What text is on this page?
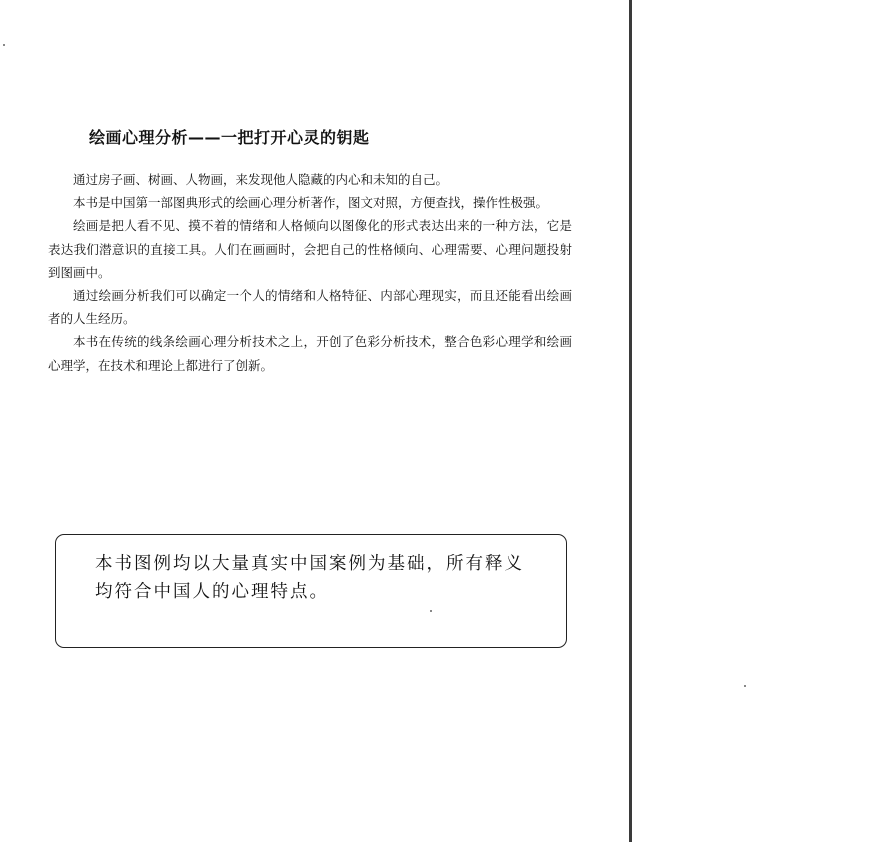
绘画心理分析——一把打开心灵的钥匙

通过房子画、树画、人物画，来发现他人隐藏的内心和未知的自己。

本书是中国第一部图典形式的绘画心理分析著作，图文对照，方便查找，操作性极强。

绘画是把人看不见、摸不着的情绪和人格倾向以图像化的形式表达出来的一种方法，它是表达我们潜意识的直接工具。人们在画画时，会把自己的性格倾向、心理需要、心理问题投射到图画中。

通过绘画分析我们可以确定一个人的情绪和人格特征、内部心理现实，而且还能看出绘画者的人生经历。

本书在传统的线条绘画心理分析技术之上，开创了色彩分析技术，整合色彩心理学和绘画心理学，在技术和理论上都进行了创新。

本书图例均以大量真实中国案例为基础，所有释义均符合中国人的心理特点。
